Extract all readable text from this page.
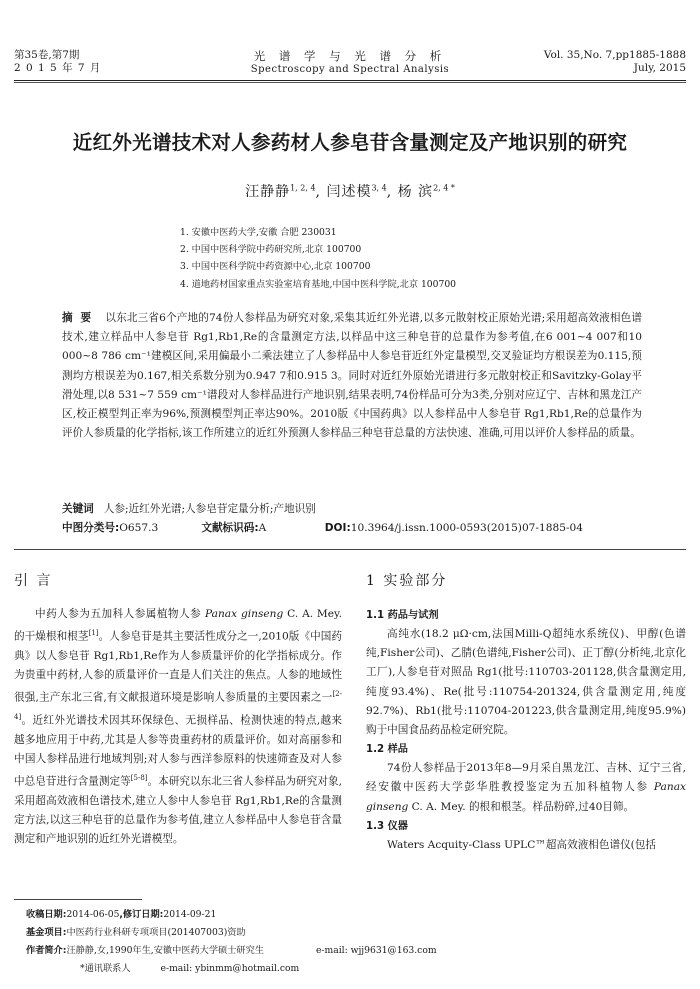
第35卷,第7期
2 0 1 5 年 7 月
光 谱 学 与 光 谱 分 析
Spectroscopy and Spectral Analysis
Vol. 35,No. 7,pp1885-1888
July, 2015
近红外光谱技术对人参药材人参皂苷含量测定及产地识别的研究
汪静静$^{1, 2, 4}$, 闫述模$^{3, 4}$, 杨 滨$^{2, 4 *}$
1. 安徽中医药大学,安徽 合肥 230031
2. 中国中医科学院中药研究所,北京 100700
3. 中国中医科学院中药资源中心,北京 100700
4. 道地药材国家重点实验室培育基地,中国中医科学院,北京 100700
摘  要 以东北三省6个产地的74份人参样品为研究对象,采集其近红外光谱,以多元散射校正原始光谱;采用超高效液相色谱技术,建立样品中人参皂苷 Rg1,Rb1,Re的含量测定方法,以样品中这三种皂苷的总量作为参考值,在6 001~4 007和10 000~8 786 cm⁻¹建模区间,采用偏最小二乘法建立了人参样品中人参皂苷近红外定量模型,交叉验证均方根误差为0.115,预测均方根误差为0.167,相关系数分别为0.947 7和0.915 3。同时对近红外原始光谱进行多元散射校正和Savitzky-Golay平滑处理,以8 531~7 559 cm⁻¹谱段对人参样品进行产地识别,结果表明,74份样品可分为3类,分别对应辽宁、吉林和黑龙江产区,校正模型判正率为96%,预测模型判正率达90%。2010版《中国药典》以人参样品中人参皂苷 Rg1,Rb1,Re的总量作为评价人参质量的化学指标,该工作所建立的近红外预测人参样品三种皂苷总量的方法快速、准确,可用以评价人参样品的质量。
关键词 人参;近红外光谱;人参皂苷定量分析;产地识别
中图分类号:O657.3	文献标识码:A	DOI:10.3964/j.issn.1000-0593(2015)07-1885-04
引 言
中药人参为五加科人参属植物人参 Panax ginseng C. A. Mey. 的干燥根和根茎[1]。人参皂苷是其主要活性成分之一,2010版《中国药典》以人参皂苷 Rg1,Rb1,Re作为人参质量评价的化学指标成分。作为贵重中药材,人参的质量评价一直是人们关注的焦点。人参的地域性很强,主产东北三省,有文献报道环境是影响人参质量的主要因素之一[2-4]。近红外光谱技术因其环保绿色、无损样品、检测快速的特点,越来越多地应用于中药,尤其是人参等贵重药材的质量评价。如对高丽参和中国人参样品进行地域判别;对人参与西洋参原料的快速筛查及对人参中总皂苷进行含量测定等[5-8]。本研究以东北三省人参样品为研究对象,采用超高效液相色谱技术,建立人参中人参皂苷 Rg1,Rb1,Re的含量测定方法,以这三种皂苷的总量作为参考值,建立人参样品中人参皂苷含量测定和产地识别的近红外光谱模型。
1 实验部分
1.1 药品与试剂
高纯水(18.2 μΩ·cm,法国Milli-Q超纯水系统仪)、甲醇(色谱纯,Fisher公司)、乙腈(色谱纯,Fisher公司)、正丁醇(分析纯,北京化工厂),人参皂苷对照品 Rg1(批号:110703-201128,供含量测定用,纯度93.4%)、Re(批号:110754-201324,供含量测定用,纯度92.7%)、Rb1(批号:110704-201223,供含量测定用,纯度95.9%)购于中国食品药品检定研究院。
1.2 样品
74份人参样品于2013年8—9月采自黑龙江、吉林、辽宁三省,经安徽中医药大学彭华胜教授鉴定为五加科植物人参 Panax ginseng C. A. Mey. 的根和根茎。样品粉碎,过40目筛。
1.3 仪器
Waters Acquity-Class UPLC™超高效液相色谱仪(包括
收稿日期:2014-06-05,修订日期:2014-09-21
基金项目:中医药行业科研专项项目(201407003)资助
作者简介:汪静静,女,1990年生,安徽中医药大学硕士研究生	e-mail: wjj9631@163.com
*通讯联系人	e-mail: ybinmm@hotmail.com
